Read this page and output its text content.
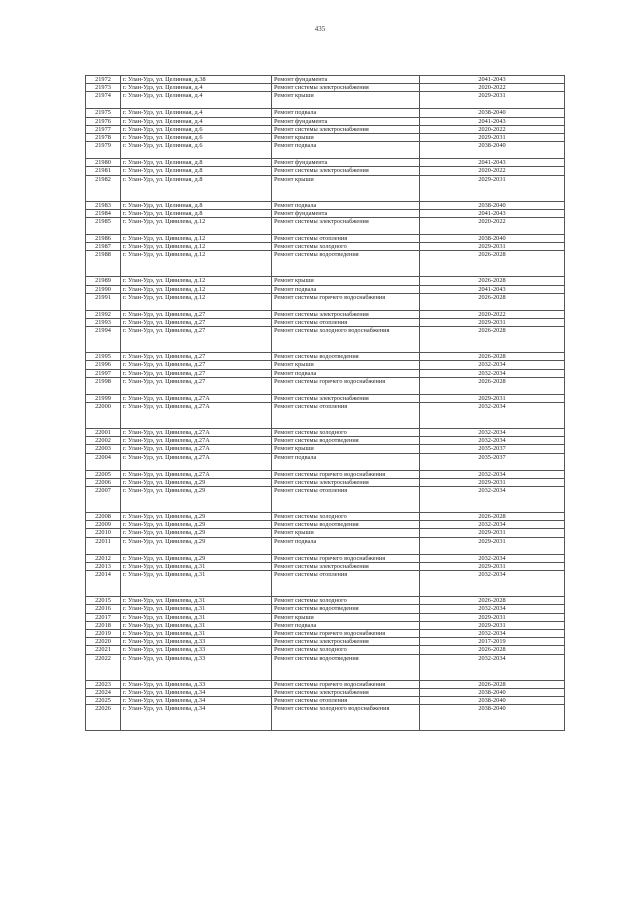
435
21972	г. Улан-Удэ, ул. Целинная, д.38	Ремонт фундамента	2041-2043
21973	г. Улан-Удэ, ул. Целинная, д.4	Ремонт системы электроснабжения	2020-2022
21974	г. Улан-Удэ, ул. Целинная, д.4	Ремонт крыши	2029-2031
21975	г. Улан-Удэ, ул. Целинная, д.4	Ремонт подвала	2038-2040
21976	г. Улан-Удэ, ул. Целинная, д.4	Ремонт фундамента	2041-2043
21977	г. Улан-Удэ, ул. Целинная, д.6	Ремонт системы электроснабжения	2020-2022
21978	г. Улан-Удэ, ул. Целинная, д.6	Ремонт крыши	2029-2031
21979	г. Улан-Удэ, ул. Целинная, д.6	Ремонт подвала	2038-2040
21980	г. Улан-Удэ, ул. Целинная, д.8	Ремонт фундамента	2041-2043
21981	г. Улан-Удэ, ул. Целинная, д.8	Ремонт системы электроснабжения	2020-2022
21982	г. Улан-Удэ, ул. Целинная, д.8	Ремонт крыши	2029-2031
21983	г. Улан-Удэ, ул. Целинная, д.8	Ремонт подвала	2038-2040
21984	г. Улан-Удэ, ул. Целинная, д.8	Ремонт фундамента	2041-2043
21985	г. Улан-Удэ, ул. Цивилева, д.12	Ремонт системы электроснабжения	2020-2022
21986	г. Улан-Удэ, ул. Цивилева, д.12	Ремонт системы отопления	2038-2040
21987	г. Улан-Удэ, ул. Цивилева, д.12	Ремонт системы холодного	2029-2031
21988	г. Улан-Удэ, ул. Цивилева, д.12	Ремонт системы водоотведения	2026-2028
21989	г. Улан-Удэ, ул. Цивилева, д.12	Ремонт крыши	2026-2028
21990	г. Улан-Удэ, ул. Цивилева, д.12	Ремонт подвала	2041-2043
21991	г. Улан-Удэ, ул. Цивилева, д.12	Ремонт системы горячего водоснабжения	2026-2028
21992	г. Улан-Удэ, ул. Цивилева, д.27	Ремонт системы электроснабжения	2020-2022
21993	г. Улан-Удэ, ул. Цивилева, д.27	Ремонт системы отопления	2029-2031
21994	г. Улан-Удэ, ул. Цивилева, д.27	Ремонт системы холодного водоснабжения	2026-2028
21995	г. Улан-Удэ, ул. Цивилева, д.27	Ремонт системы водоотведения	2026-2028
21996	г. Улан-Удэ, ул. Цивилева, д.27	Ремонт крыши	2032-2034
21997	г. Улан-Удэ, ул. Цивилева, д.27	Ремонт подвала	2032-2034
21998	г. Улан-Удэ, ул. Цивилева, д.27	Ремонт системы горячего водоснабжения	2026-2028
21999	г. Улан-Удэ, ул. Цивилева, д.27А	Ремонт системы электроснабжения	2029-2031
22000	г. Улан-Удэ, ул. Цивилева, д.27А	Ремонт системы отопления	2032-2034
22001	г. Улан-Удэ, ул. Цивилева, д.27А	Ремонт системы холодного	2032-2034
22002	г. Улан-Удэ, ул. Цивилева, д.27А	Ремонт системы водоотведения	2032-2034
22003	г. Улан-Удэ, ул. Цивилева, д.27А	Ремонт крыши	2035-2037
22004	г. Улан-Удэ, ул. Цивилева, д.27А	Ремонт подвала	2035-2037
22005	г. Улан-Удэ, ул. Цивилева, д.27А	Ремонт системы горячего водоснабжения	2032-2034
22006	г. Улан-Удэ, ул. Цивилева, д.29	Ремонт системы электроснабжения	2029-2031
22007	г. Улан-Удэ, ул. Цивилева, д.29	Ремонт системы отопления	2032-2034
22008	г. Улан-Удэ, ул. Цивилева, д.29	Ремонт системы холодного	2026-2028
22009	г. Улан-Удэ, ул. Цивилева, д.29	Ремонт системы водоотведения	2032-2034
22010	г. Улан-Удэ, ул. Цивилева, д.29	Ремонт крыши	2029-2031
22011	г. Улан-Удэ, ул. Цивилева, д.29	Ремонт подвала	2029-2031
22012	г. Улан-Удэ, ул. Цивилева, д.29	Ремонт системы горячего водоснабжения	2032-2034
22013	г. Улан-Удэ, ул. Цивилева, д.31	Ремонт системы электроснабжения	2029-2031
22014	г. Улан-Удэ, ул. Цивилева, д.31	Ремонт системы отопления	2032-2034
22015	г. Улан-Удэ, ул. Цивилева, д.31	Ремонт системы холодного	2026-2028
22016	г. Улан-Удэ, ул. Цивилева, д.31	Ремонт системы водоотведения	2032-2034
22017	г. Улан-Удэ, ул. Цивилева, д.31	Ремонт крыши	2029-2031
22018	г. Улан-Удэ, ул. Цивилева, д.31	Ремонт подвала	2029-2031
22019	г. Улан-Удэ, ул. Цивилева, д.31	Ремонт системы горячего водоснабжения	2032-2034
22020	г. Улан-Удэ, ул. Цивилева, д.33	Ремонт системы электроснабжения	2017-2019
22021	г. Улан-Удэ, ул. Цивилева, д.33	Ремонт системы холодного	2026-2028
22022	г. Улан-Удэ, ул. Цивилева, д.33	Ремонт системы водоотведения	2032-2034
22023	г. Улан-Удэ, ул. Цивилева, д.33	Ремонт системы горячего водоснабжения	2026-2028
22024	г. Улан-Удэ, ул. Цивилева, д.34	Ремонт системы электроснабжения	2038-2040
22025	г. Улан-Удэ, ул. Цивилева, д.34	Ремонт системы отопления	2038-2040
22026	г. Улан-Удэ, ул. Цивилева, д.34	Ремонт системы холодного водоснабжения	2038-2040
